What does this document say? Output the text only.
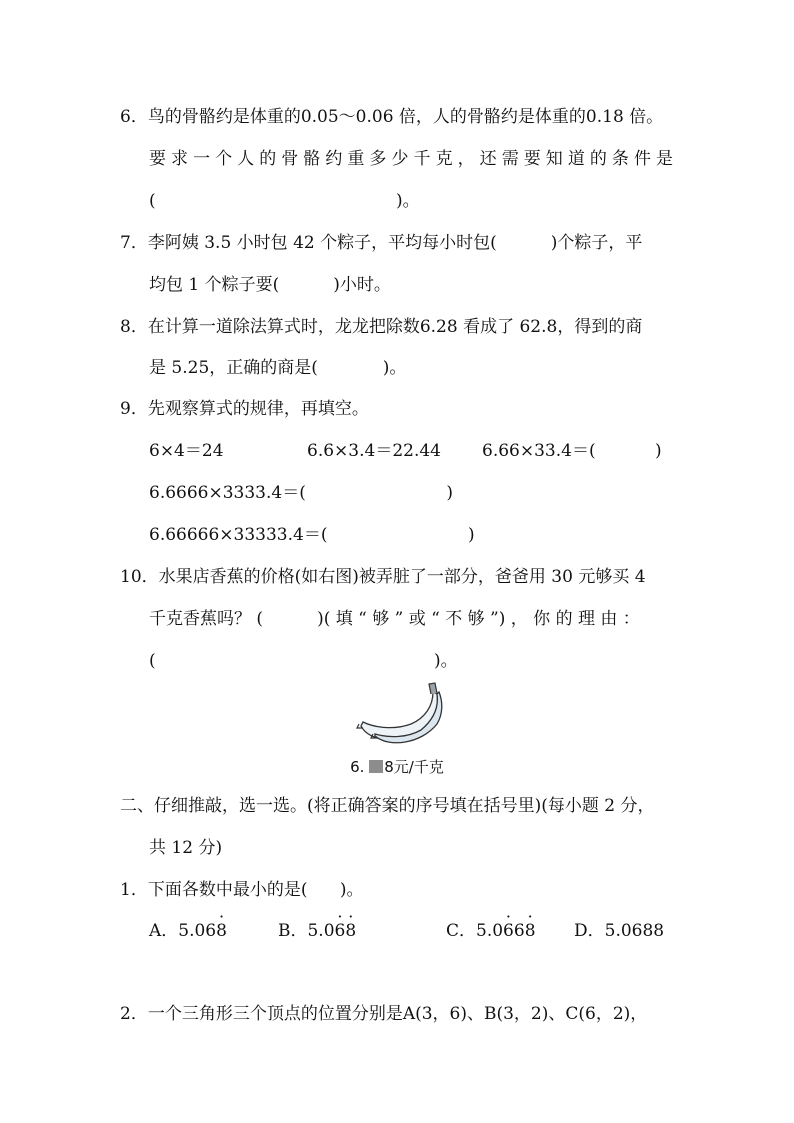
6．鸟的骨骼约是体重的0.05～0.06 倍，人的骨骼约是体重的0.18 倍。
要求一个人的骨骼约重多少千克，还需要知道的条件是
(	)。
7．李阿姨 3.5 小时包 42 个粽子，平均每小时包(          )个粽子，平
均包 1 个粽子要(          )小时。
8．在计算一道除法算式时，龙龙把除数6.28 看成了 62.8，得到的商
是 5.25，正确的商是(            )。
9．先观察算式的规律，再填空。
6×4＝24	6.6×3.4＝22.44 6.66×33.4＝(           )
6.6666×3333.4＝(                          )
6.66666×33333.4＝(                          )
10．水果店香蕉的价格(如右图)被弄脏了一部分，爸爸用 30 元够买 4
千克香蕉吗？ (          )( 填 “ 够 ” 或 “ 不 够 ”) ， 你 的 理 由 ：
(	)。
6. 8元/千克
二、仔细推敲，选一选。(将正确答案的序号填在括号里)(每小题 2 分，
共 12 分)
1．下面各数中最小的是(      )。
A．5.06· 8	B．5.0· 6· 8	C．5.0· 66· 8 D．5.0688
2．一个三角形三个顶点的位置分别是A(3，6)、B(3，2)、C(6，2)，
